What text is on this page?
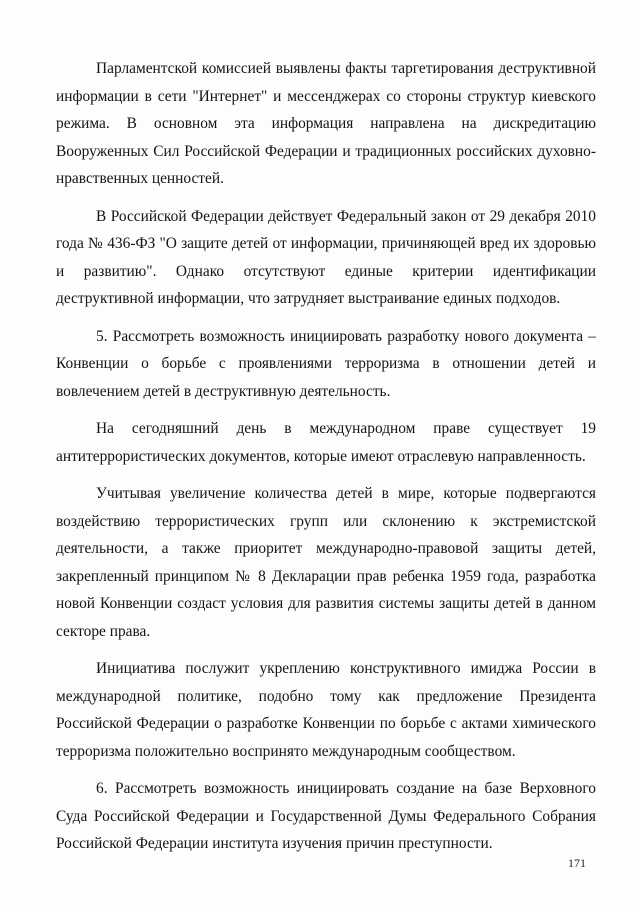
Парламентской комиссией выявлены факты таргетирования деструктивной информации в сети "Интернет" и мессенджерах со стороны структур киевского режима. В основном эта информация направлена на дискредитацию Вооруженных Сил Российской Федерации и традиционных российских духовно-нравственных ценностей.

В Российской Федерации действует Федеральный закон от 29 декабря 2010 года № 436-ФЗ "О защите детей от информации, причиняющей вред их здоровью и развитию". Однако отсутствуют единые критерии идентификации деструктивной информации, что затрудняет выстраивание единых подходов.

5. Рассмотреть возможность инициировать разработку нового документа – Конвенции о борьбе с проявлениями терроризма в отношении детей и вовлечением детей в деструктивную деятельность.

На сегодняшний день в международном праве существует 19 антитеррористических документов, которые имеют отраслевую направленность.

Учитывая увеличение количества детей в мире, которые подвергаются воздействию террористических групп или склонению к экстремистской деятельности, а также приоритет международно-правовой защиты детей, закрепленный принципом № 8 Декларации прав ребенка 1959 года, разработка новой Конвенции создаст условия для развития системы защиты детей в данном секторе права.

Инициатива послужит укреплению конструктивного имиджа России в международной политике, подобно тому как предложение Президента Российской Федерации о разработке Конвенции по борьбе с актами химического терроризма положительно воспринято международным сообществом.

6. Рассмотреть возможность инициировать создание на базе Верховного Суда Российской Федерации и Государственной Думы Федерального Собрания Российской Федерации института изучения причин преступности.

171
